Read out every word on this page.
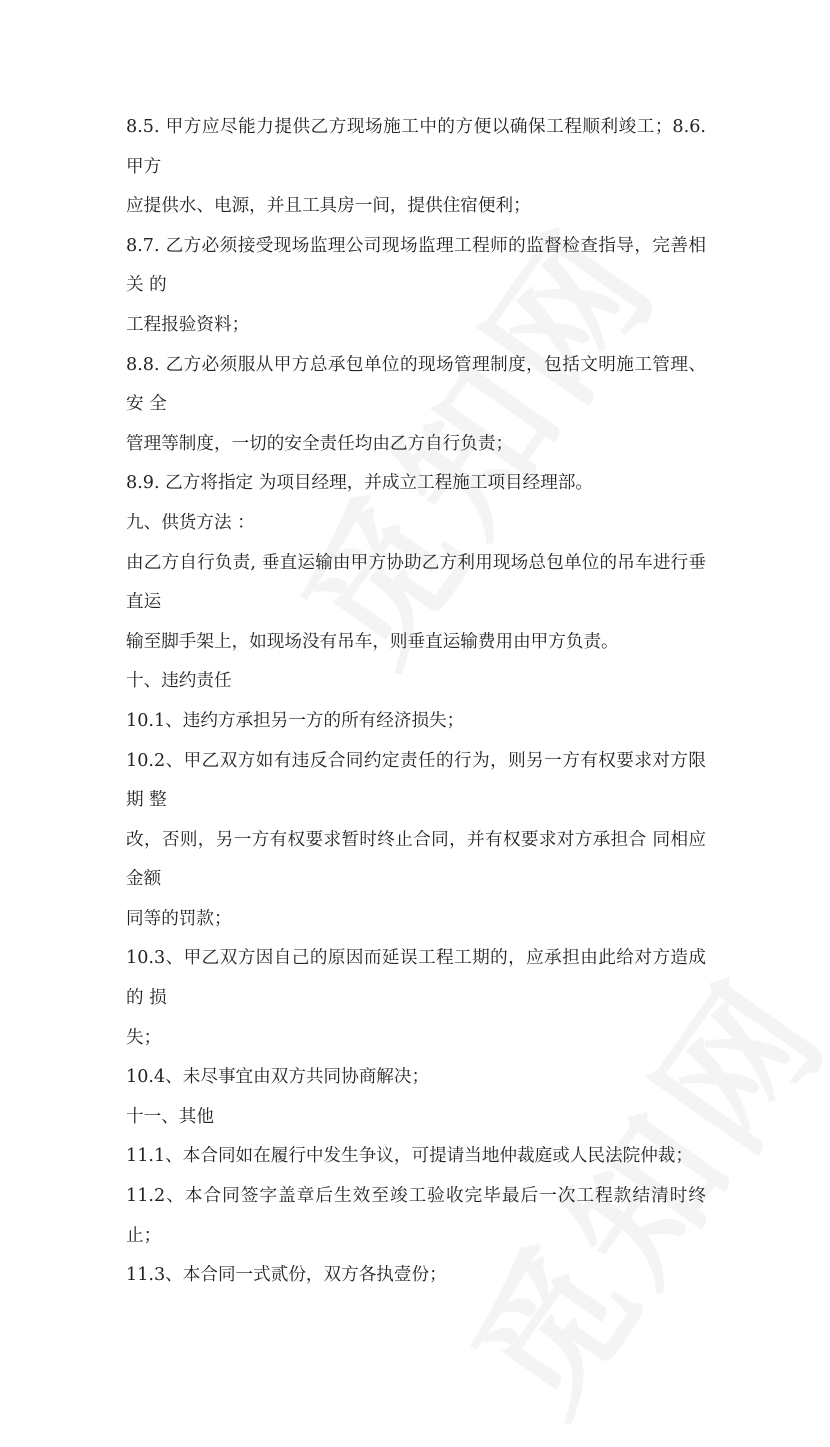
8.5. 甲方应尽能力提供乙方现场施工中的方便以确保工程顺利竣工；8.6. 甲方
应提供水、电源，并且工具房一间，提供住宿便利；
8.7. 乙方必须接受现场监理公司现场监理工程师的监督检查指导，完善相关 的
工程报验资料；
8.8. 乙方必须服从甲方总承包单位的现场管理制度，包括文明施工管理、安 全
管理等制度，一切的安全责任均由乙方自行负责；
8.9. 乙方将指定 为项目经理，并成立工程施工项目经理部。
九、供货方法 ：
由乙方自行负责, 垂直运输由甲方协助乙方利用现场总包单位的吊车进行垂直运
输至脚手架上，如现场没有吊车，则垂直运输费用由甲方负责。
十、违约责任
10.1、违约方承担另一方的所有经济损失；
10.2、甲乙双方如有违反合同约定责任的行为，则另一方有权要求对方限期 整
改，否则，另一方有权要求暂时终止合同，并有权要求对方承担合 同相应金额
同等的罚款；
10.3、甲乙双方因自己的原因而延误工程工期的，应承担由此给对方造成的 损
失；
10.4、未尽事宜由双方共同协商解决；
十一、其他
11.1、本合同如在履行中发生争议，可提请当地仲裁庭或人民法院仲裁；
11.2、本合同签字盖章后生效至竣工验收完毕最后一次工程款结清时终止；
11.3、本合同一式贰份，双方各执壹份；
